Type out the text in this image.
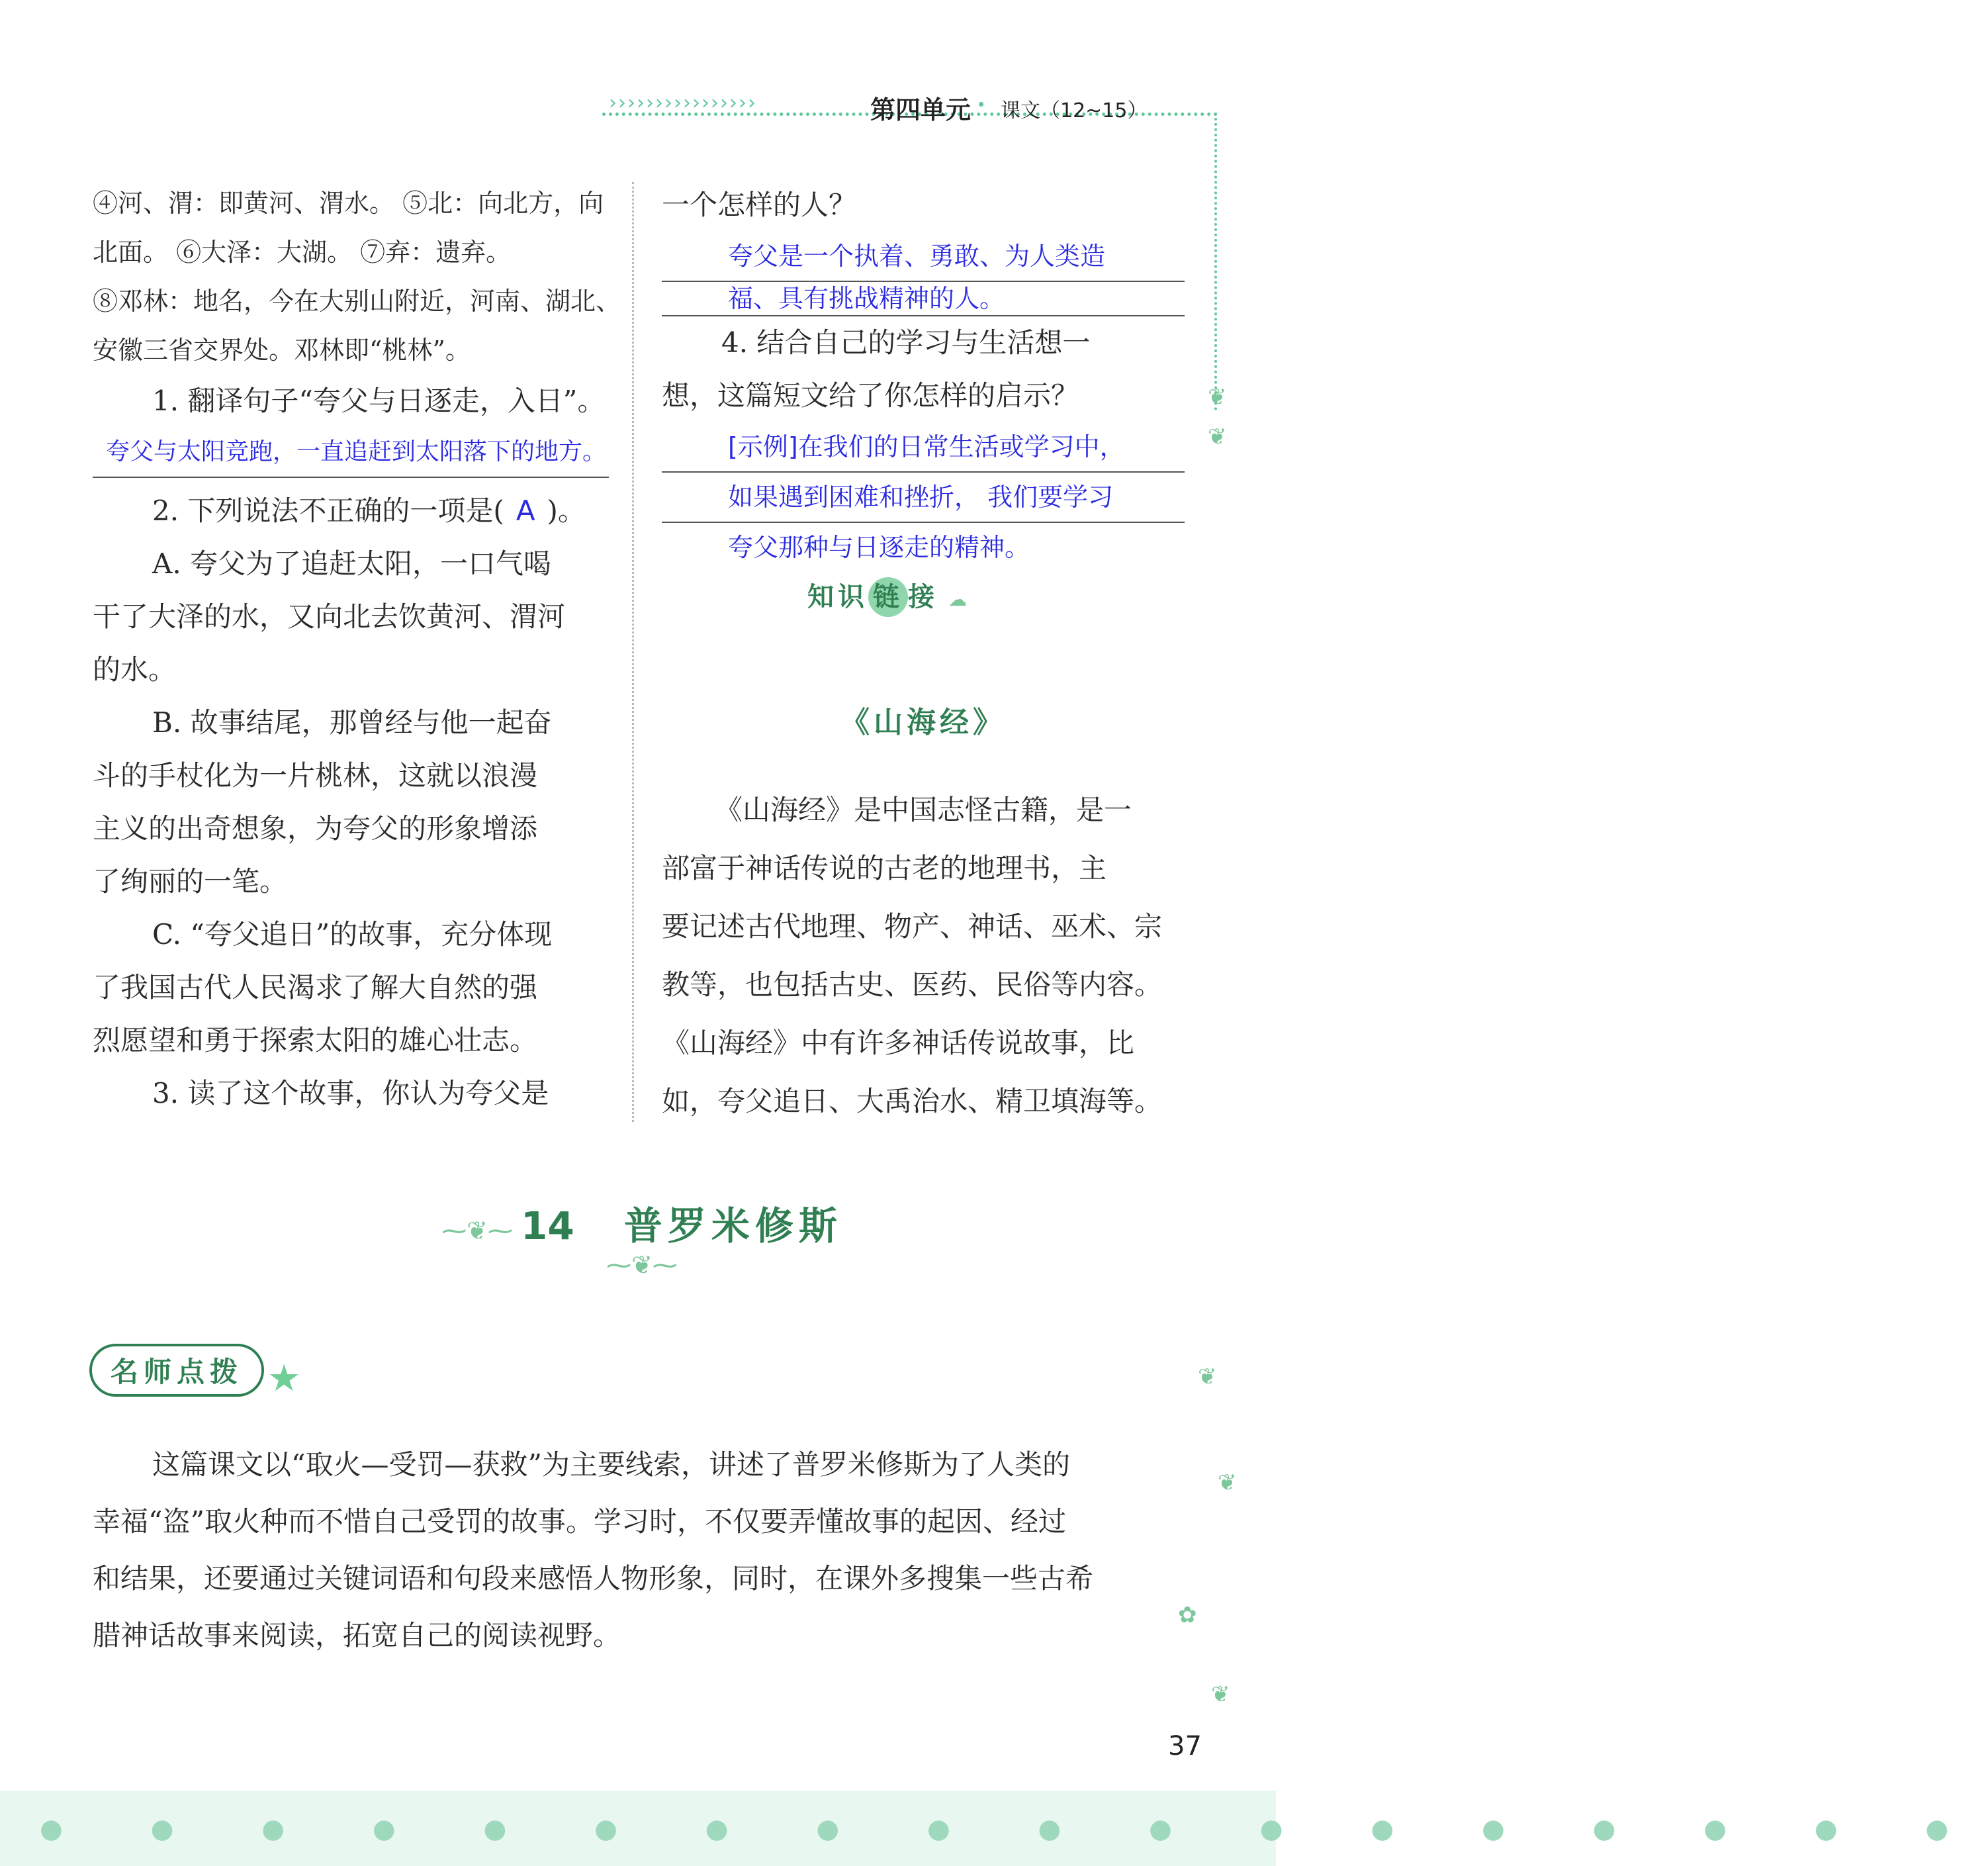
››››››››››››››››	第四单元 · 课文（12~15）
❦
❦
④河、渭：即黄河、渭水。 ⑤北：向北方，向
北面。 ⑥大泽：大湖。 ⑦弃：遗弃。
⑧邓林：地名，今在大别山附近，河南、湖北、
安徽三省交界处。邓林即“桃林”。
1. 翻译句子“夸父与日逐走，入日”。
夸父与太阳竞跑，一直追赶到太阳落下的地方。
2. 下列说法不正确的一项是( A )。
A. 夸父为了追赶太阳，一口气喝
干了大泽的水，又向北去饮黄河、渭河
的水。
B. 故事结尾，那曾经与他一起奋
斗的手杖化为一片桃林，这就以浪漫
主义的出奇想象，为夸父的形象增添
了绚丽的一笔。
C. “夸父追日”的故事，充分体现
了我国古代人民渴求了解大自然的强
烈愿望和勇于探索太阳的雄心壮志。
3. 读了这个故事，你认为夸父是
一个怎样的人？
夸父是一个执着、勇敢、为人类造
福、具有挑战精神的人。
4. 结合自己的学习与生活想一
想，这篇短文给了你怎样的启示？
[示例]在我们的日常生活或学习中，
如果遇到困难和挫折， 我们要学习
夸父那种与日逐走的精神。
知识 链 接 ☁
《山海经》
《山海经》是中国志怪古籍，是一
部富于神话传说的古老的地理书，主
要记述古代地理、物产、神话、巫术、宗
教等，也包括古史、医药、民俗等内容。
《山海经》中有许多神话传说故事，比
如，夸父追日、大禹治水、精卫填海等。
⁓❦⁓ 14 普罗米修斯 ⁓❦⁓
名师点拨 ★
这篇课文以“取火—受罚—获救”为主要线索，讲述了普罗米修斯为了人类的
幸福“盗”取火种而不惜自己受罚的故事。学习时，不仅要弄懂故事的起因、经过
和结果，还要通过关键词语和句段来感悟人物形象，同时，在课外多搜集一些古希
腊神话故事来阅读，拓宽自己的阅读视野。
❦
❦
✿
❦
37
● ● ● ● ● ● ● ● ● ● ● ● ● ● ● ● ● ●
